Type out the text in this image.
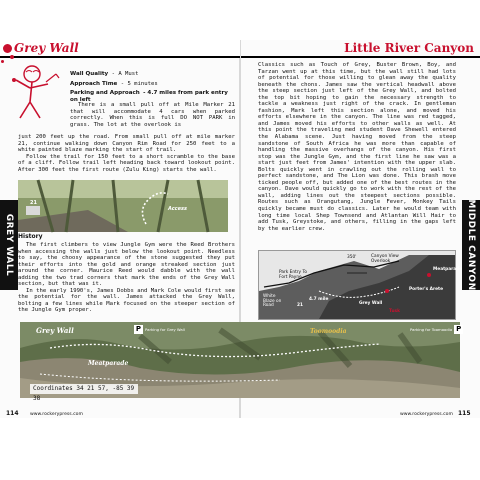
Grey Wall	Little River Canyon
GREY WALL	MIDDLE CANYON

Wall Quality - A Must

Approach Time - 5 minutes

Parking and Approach - 4.7 miles from park entry on left

There is a small pull off at Mile Marker 21 that will accommodate 4 cars when parked correctly. When this is full DO NOT PARK in grass. The lot at the overlook is

just 200 feet up the road. From small pull off at mile marker 21, continue walking down Canyon Rim Road for 250 feet to a white painted blaze marking the start of trail.

Follow the trail for 150 feet to a short scramble to the base of a cliff. Follow trail left heading back toward lookout point. After 300 feet the first route (Zulu King) starts the wall.

21
Access
History

The first climbers to view Jungle Gym were the Reed Brothers when accessing the walls just below the lookout point. Needless to say, the choosy appearance of the stone suggested they put their efforts into the gold and orange streaked section just around the corner. Maurice Reed would dabble with the wall adding the two trad corners that mark the ends of the Grey Wall section, but that was it.

In the early 1990's, James Dobbs and Mark Cole would first see the potential for the wall. James attacked the Grey Wall, bolting a few lines while Mark focused on the steeper section of the Jungle Gym proper.

Classics such as Touch of Grey, Buster Brown, Boy, and Tarzan went up at this time, but the wall still had lots of potential for those willing to glean away the quality beneath the chons. James saw the vertical headwall above the steep section just left of the Grey Wall, and bolted the top bit hoping to gain the necessary strength to tackle a weakness just right of the crack. In gentleman fashion, Mark left this section alone, and moved his efforts elsewhere in the canyon. The line was red tagged, and James moved his efforts to other walls as well. At this point the traveling med student Dave Shewell entered the Alabama scene. Just having moved from the steep sandstone of South Africa he was more than capable of handling the massive overhangs of the canyon. His first stop was the Jungle Gym, and the first line he saw was a start just feet from James' intention with the upper slab. Bolts quickly went in crawling out the rolling wall to perfect sandstone, and The Lion was done. This brash move ticked people off, but added one of the best routes in the canyon. Dave would quickly go to work with the rest of the wall, adding lines out the steepest sections possible. Routes such as Orangutang, Jungle Fever, Monkey Tails quickly became must do classics. Later he would team with long time local Shep Townsend and Atlantan Will Hair to add Tusk, Greystoke, and others, filling in the gaps left by the earlier crew.

350'	Canyon View Overlook
Park Entry To Fort Payne
White Blaze on Road
4.7 mile
21	Grey Wall
Tusk
Porter's Arete
Meatparade
Grey Wall	P	Parking for Grey Wall	Toomoodia	Parking for Toomoodia P
Meatparade
Coordinates 34 21 57, -85 39 38
114 www.rockerypress.com	www.rockerypress.com 115
